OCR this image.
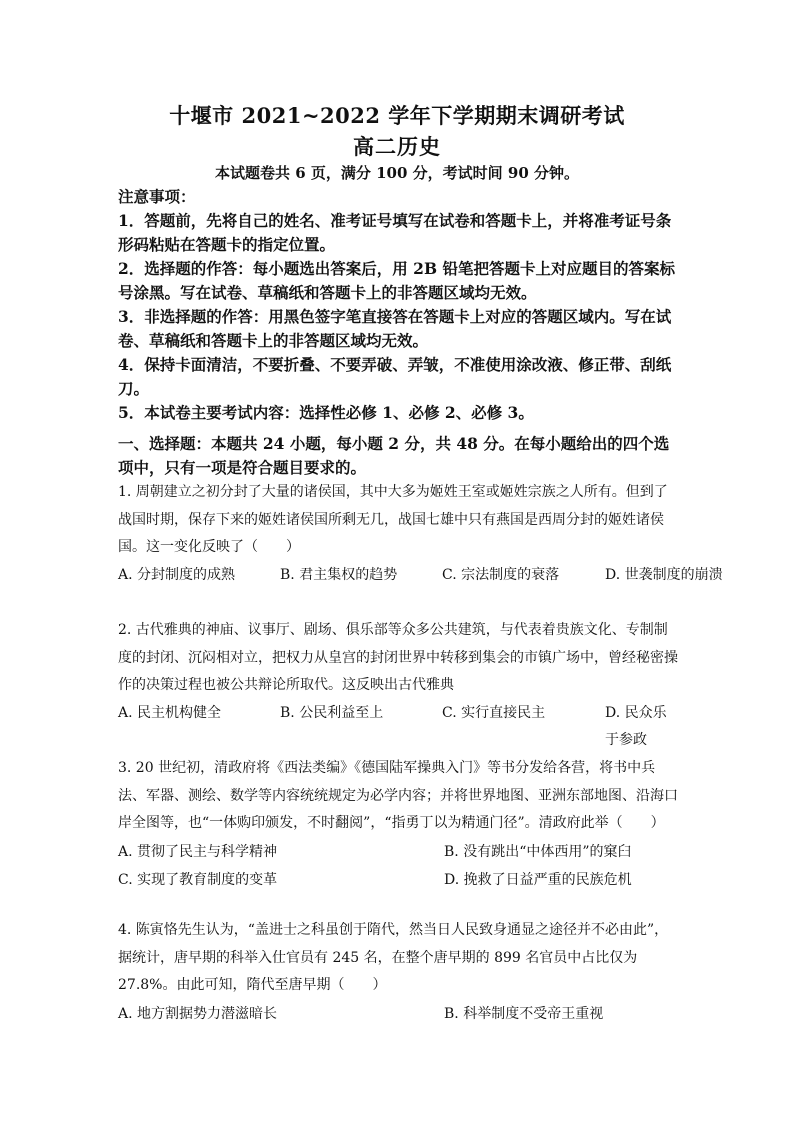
十堰市 2021~2022 学年下学期期末调研考试
高二历史
本试题卷共 6 页，满分 100 分，考试时间 90 分钟。
注意事项：

1．答题前，先将自己的姓名、准考证号填写在试卷和答题卡上，并将准考证号条形码粘贴在答题卡的指定位置。

2．选择题的作答：每小题选出答案后，用 2B 铅笔把答题卡上对应题目的答案标号涂黑。写在试卷、草稿纸和答题卡上的非答题区域均无效。

3．非选择题的作答：用黑色签字笔直接答在答题卡上对应的答题区域内。写在试卷、草稿纸和答题卡上的非答题区域均无效。

4．保持卡面清洁，不要折叠、不要弄破、弄皱，不准使用涂改液、修正带、刮纸刀。

5．本试卷主要考试内容：选择性必修 1、必修 2、必修 3。

一、选择题：本题共 24 小题，每小题 2 分，共 48 分。在每小题给出的四个选项中，只有一项是符合题目要求的。

1. 周朝建立之初分封了大量的诸侯国，其中大多为姬姓王室或姬姓宗族之人所有。但到了战国时期，保存下来的姬姓诸侯国所剩无几，战国七雄中只有燕国是西周分封的姬姓诸侯国。这一变化反映了（　　）

A. 分封制度的成熟	B. 君主集权的趋势	C. 宗法制度的衰落	D. 世袭制度的崩溃

2. 古代雅典的神庙、议事厅、剧场、俱乐部等众多公共建筑，与代表着贵族文化、专制制度的封闭、沉闷相对立，把权力从皇宫的封闭世界中转移到集会的市镇广场中，曾经秘密操作的决策过程也被公共辩论所取代。这反映出古代雅典

A. 民主机构健全	B. 公民利益至上	C. 实行直接民主	D. 民众乐于参政

3. 20 世纪初，清政府将《西法类编》《德国陆军操典入门》等书分发给各营，将书中兵法、军器、测绘、数学等内容统统规定为必学内容；并将世界地图、亚洲东部地图、沿海口岸全图等，也“一体购印颁发，不时翻阅”，“指勇丁以为精通门径”。清政府此举（　　）

A. 贯彻了民主与科学精神	B. 没有跳出“中体西用”的窠臼
C. 实现了教育制度的变革	D. 挽救了日益严重的民族危机

4. 陈寅恪先生认为，“盖进士之科虽创于隋代，然当日人民致身通显之途径并不必由此”，据统计，唐早期的科举入仕官员有 245 名，在整个唐早期的 899 名官员中占比仅为 27.8%。由此可知，隋代至唐早期（　　）

A. 地方割据势力潜滋暗长	B. 科举制度不受帝王重视
